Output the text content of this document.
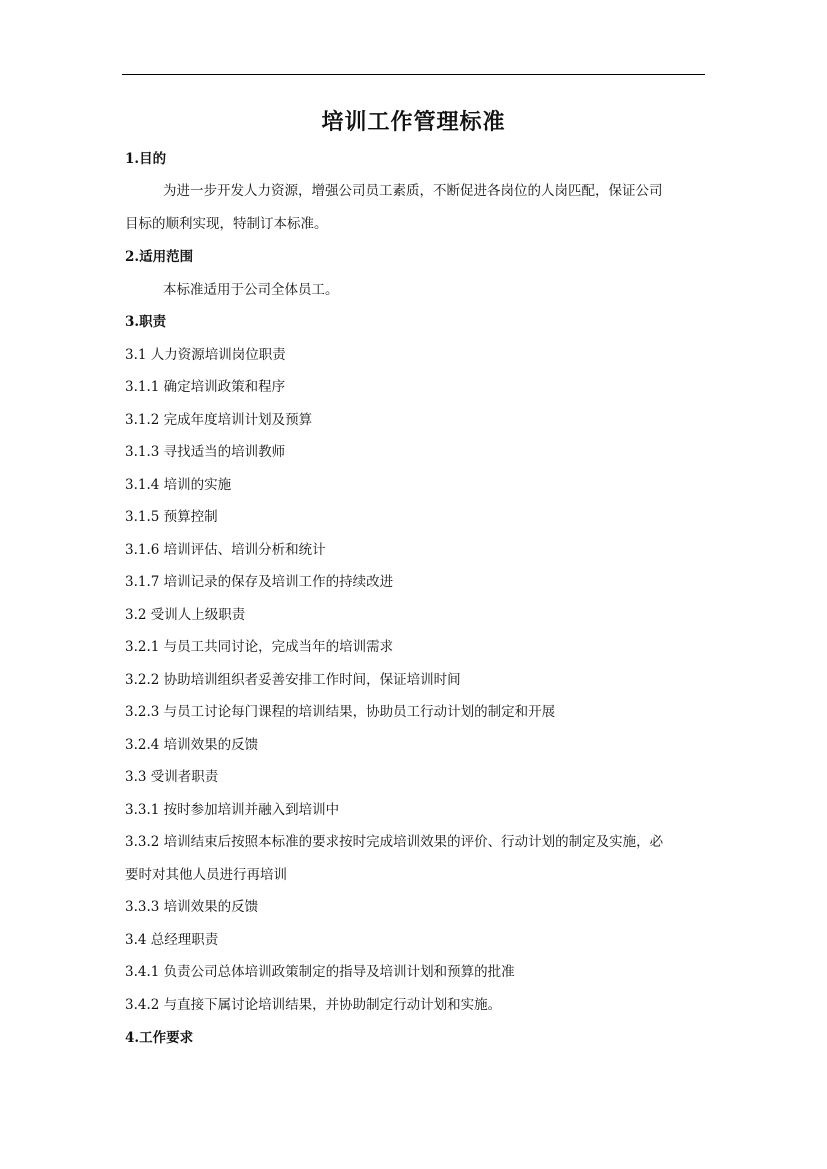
培训工作管理标准
1.目的
为进一步开发人力资源，增强公司员工素质，不断促进各岗位的人岗匹配，保证公司
目标的顺利实现，特制订本标准。
2.适用范围
本标准适用于公司全体员工。
3.职责
3.1 人力资源培训岗位职责
3.1.1 确定培训政策和程序
3.1.2 完成年度培训计划及预算
3.1.3 寻找适当的培训教师
3.1.4 培训的实施
3.1.5 预算控制
3.1.6 培训评估、培训分析和统计
3.1.7 培训记录的保存及培训工作的持续改进
3.2 受训人上级职责
3.2.1 与员工共同讨论，完成当年的培训需求
3.2.2 协助培训组织者妥善安排工作时间，保证培训时间
3.2.3 与员工讨论每门课程的培训结果，协助员工行动计划的制定和开展
3.2.4 培训效果的反馈
3.3 受训者职责
3.3.1 按时参加培训并融入到培训中
3.3.2 培训结束后按照本标准的要求按时完成培训效果的评价、行动计划的制定及实施，必
要时对其他人员进行再培训
3.3.3 培训效果的反馈
3.4 总经理职责
3.4.1 负责公司总体培训政策制定的指导及培训计划和预算的批准
3.4.2 与直接下属讨论培训结果，并协助制定行动计划和实施。
4.工作要求
